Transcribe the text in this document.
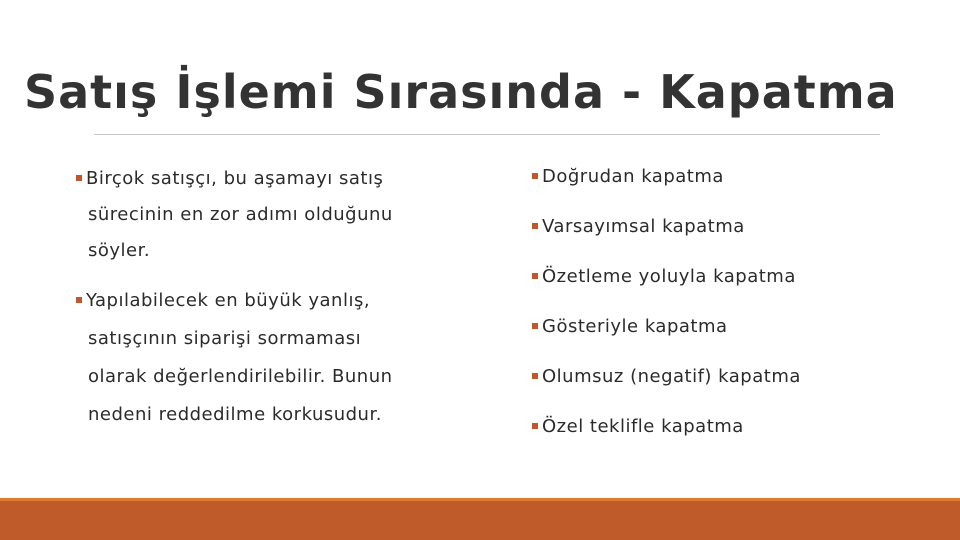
Satış İşlemi Sırasında - Kapatma
Birçok satışçı, bu aşamayı satış
sürecinin en zor adımı olduğunu
söyler.
Yapılabilecek en büyük yanlış,
satışçının siparişi sormaması
olarak değerlendirilebilir. Bunun
nedeni reddedilme korkusudur.
Doğrudan kapatma
Varsayımsal kapatma
Özetleme yoluyla kapatma
Gösteriyle kapatma
Olumsuz (negatif) kapatma
Özel teklifle kapatma
